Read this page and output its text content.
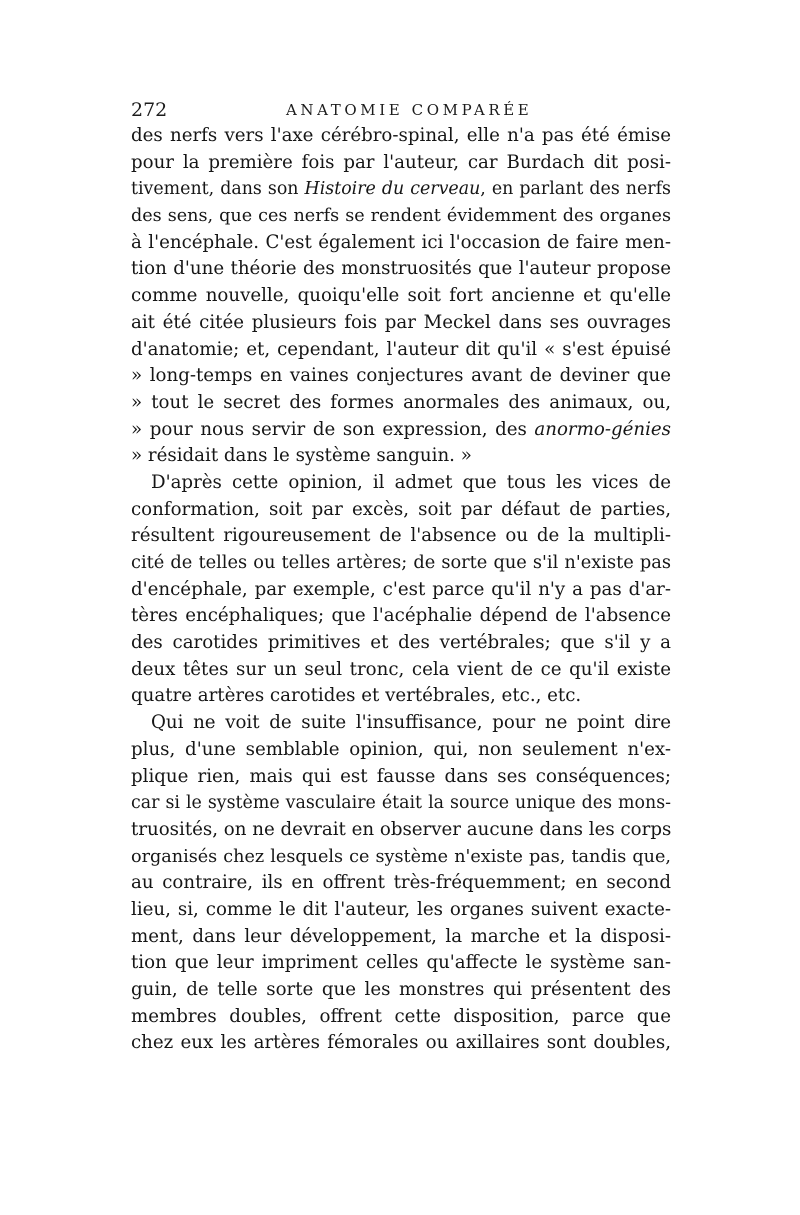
272	ANATOMIE COMPARÉE
des nerfs vers l'axe cérébro-spinal, elle n'a pas été émise
pour la première fois par l'auteur, car Burdach dit posi-
tivement, dans son Histoire du cerveau, en parlant des nerfs
des sens, que ces nerfs se rendent évidemment des organes
à l'encéphale. C'est également ici l'occasion de faire men-
tion d'une théorie des monstruosités que l'auteur propose
comme nouvelle, quoiqu'elle soit fort ancienne et qu'elle
ait été citée plusieurs fois par Meckel dans ses ouvrages
d'anatomie; et, cependant, l'auteur dit qu'il « s'est épuisé
» long-temps en vaines conjectures avant de deviner que
» tout le secret des formes anormales des animaux, ou,
» pour nous servir de son expression, des anormo-génies
» résidait dans le système sanguin. »
D'après cette opinion, il admet que tous les vices de
conformation, soit par excès, soit par défaut de parties,
résultent rigoureusement de l'absence ou de la multipli-
cité de telles ou telles artères; de sorte que s'il n'existe pas
d'encéphale, par exemple, c'est parce qu'il n'y a pas d'ar-
tères encéphaliques; que l'acéphalie dépend de l'absence
des carotides primitives et des vertébrales; que s'il y a
deux têtes sur un seul tronc, cela vient de ce qu'il existe
quatre artères carotides et vertébrales, etc., etc.
Qui ne voit de suite l'insuffisance, pour ne point dire
plus, d'une semblable opinion, qui, non seulement n'ex-
plique rien, mais qui est fausse dans ses conséquences;
car si le système vasculaire était la source unique des mons-
truosités, on ne devrait en observer aucune dans les corps
organisés chez lesquels ce système n'existe pas, tandis que,
au contraire, ils en offrent très-fréquemment; en second
lieu, si, comme le dit l'auteur, les organes suivent exacte-
ment, dans leur développement, la marche et la disposi-
tion que leur impriment celles qu'affecte le système san-
guin, de telle sorte que les monstres qui présentent des
membres doubles, offrent cette disposition, parce que
chez eux les artères fémorales ou axillaires sont doubles,
